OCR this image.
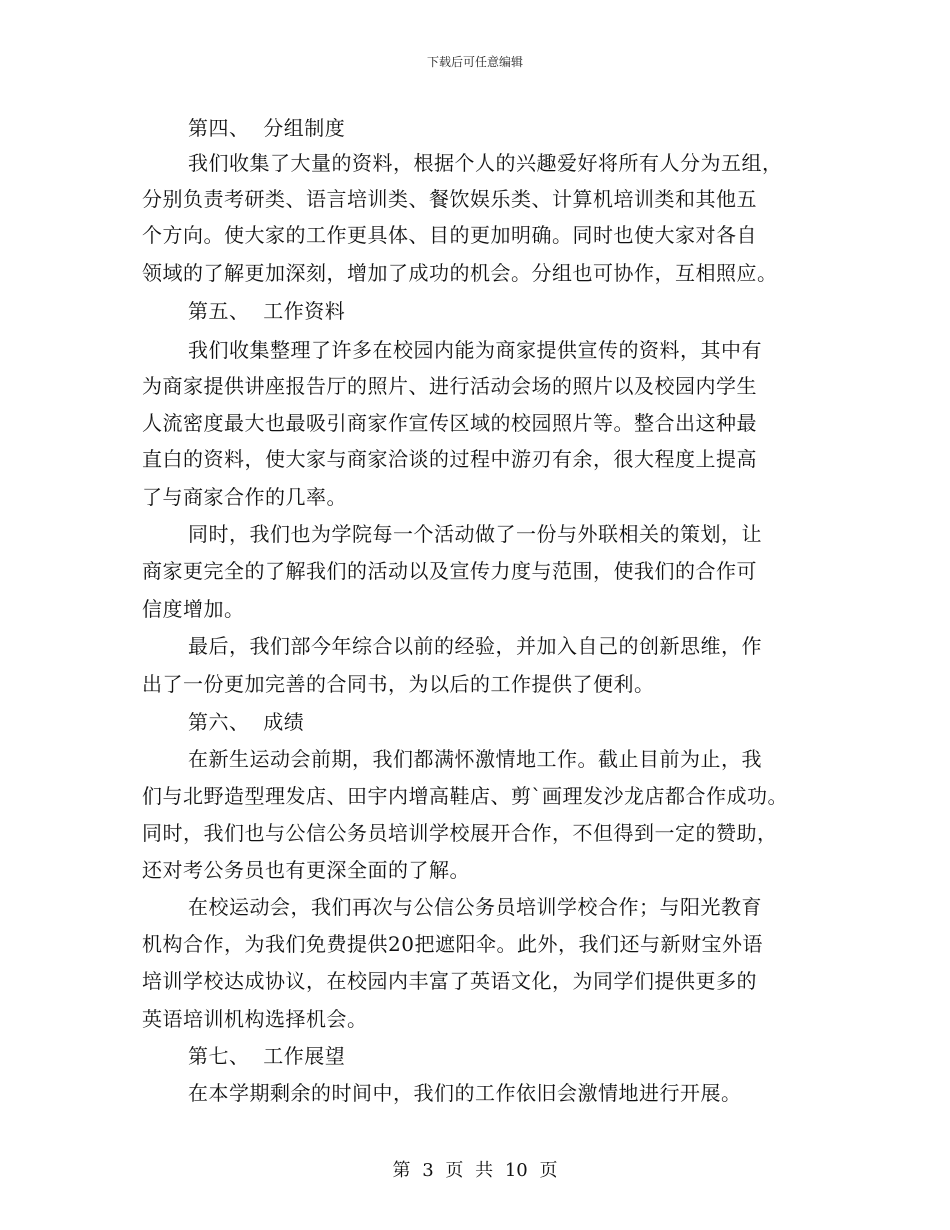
下载后可任意编辑
第四、  分组制度
我们收集了大量的资料，根据个人的兴趣爱好将所有人分为五组，
分别负责考研类、语言培训类、餐饮娱乐类、计算机培训类和其他五
个方向。使大家的工作更具体、目的更加明确。同时也使大家对各自
领域的了解更加深刻，增加了成功的机会。分组也可协作，互相照应。
第五、  工作资料
我们收集整理了许多在校园内能为商家提供宣传的资料，其中有
为商家提供讲座报告厅的照片、进行活动会场的照片以及校园内学生
人流密度最大也最吸引商家作宣传区域的校园照片等。整合出这种最
直白的资料，使大家与商家洽谈的过程中游刃有余，很大程度上提高
了与商家合作的几率。
同时，我们也为学院每一个活动做了一份与外联相关的策划，让
商家更完全的了解我们的活动以及宣传力度与范围，使我们的合作可
信度增加。
最后，我们部今年综合以前的经验，并加入自己的创新思维，作
出了一份更加完善的合同书，为以后的工作提供了便利。
第六、  成绩
在新生运动会前期，我们都满怀激情地工作。截止目前为止，我
们与北野造型理发店、田宇内增高鞋店、剪`画理发沙龙店都合作成功。
同时，我们也与公信公务员培训学校展开合作，不但得到一定的赞助，
还对考公务员也有更深全面的了解。
在校运动会，我们再次与公信公务员培训学校合作；与阳光教育
机构合作，为我们免费提供20把遮阳伞。此外，我们还与新财宝外语
培训学校达成协议，在校园内丰富了英语文化，为同学们提供更多的
英语培训机构选择机会。
第七、  工作展望
在本学期剩余的时间中，我们的工作依旧会激情地进行开展。
第 3 页 共 10 页
